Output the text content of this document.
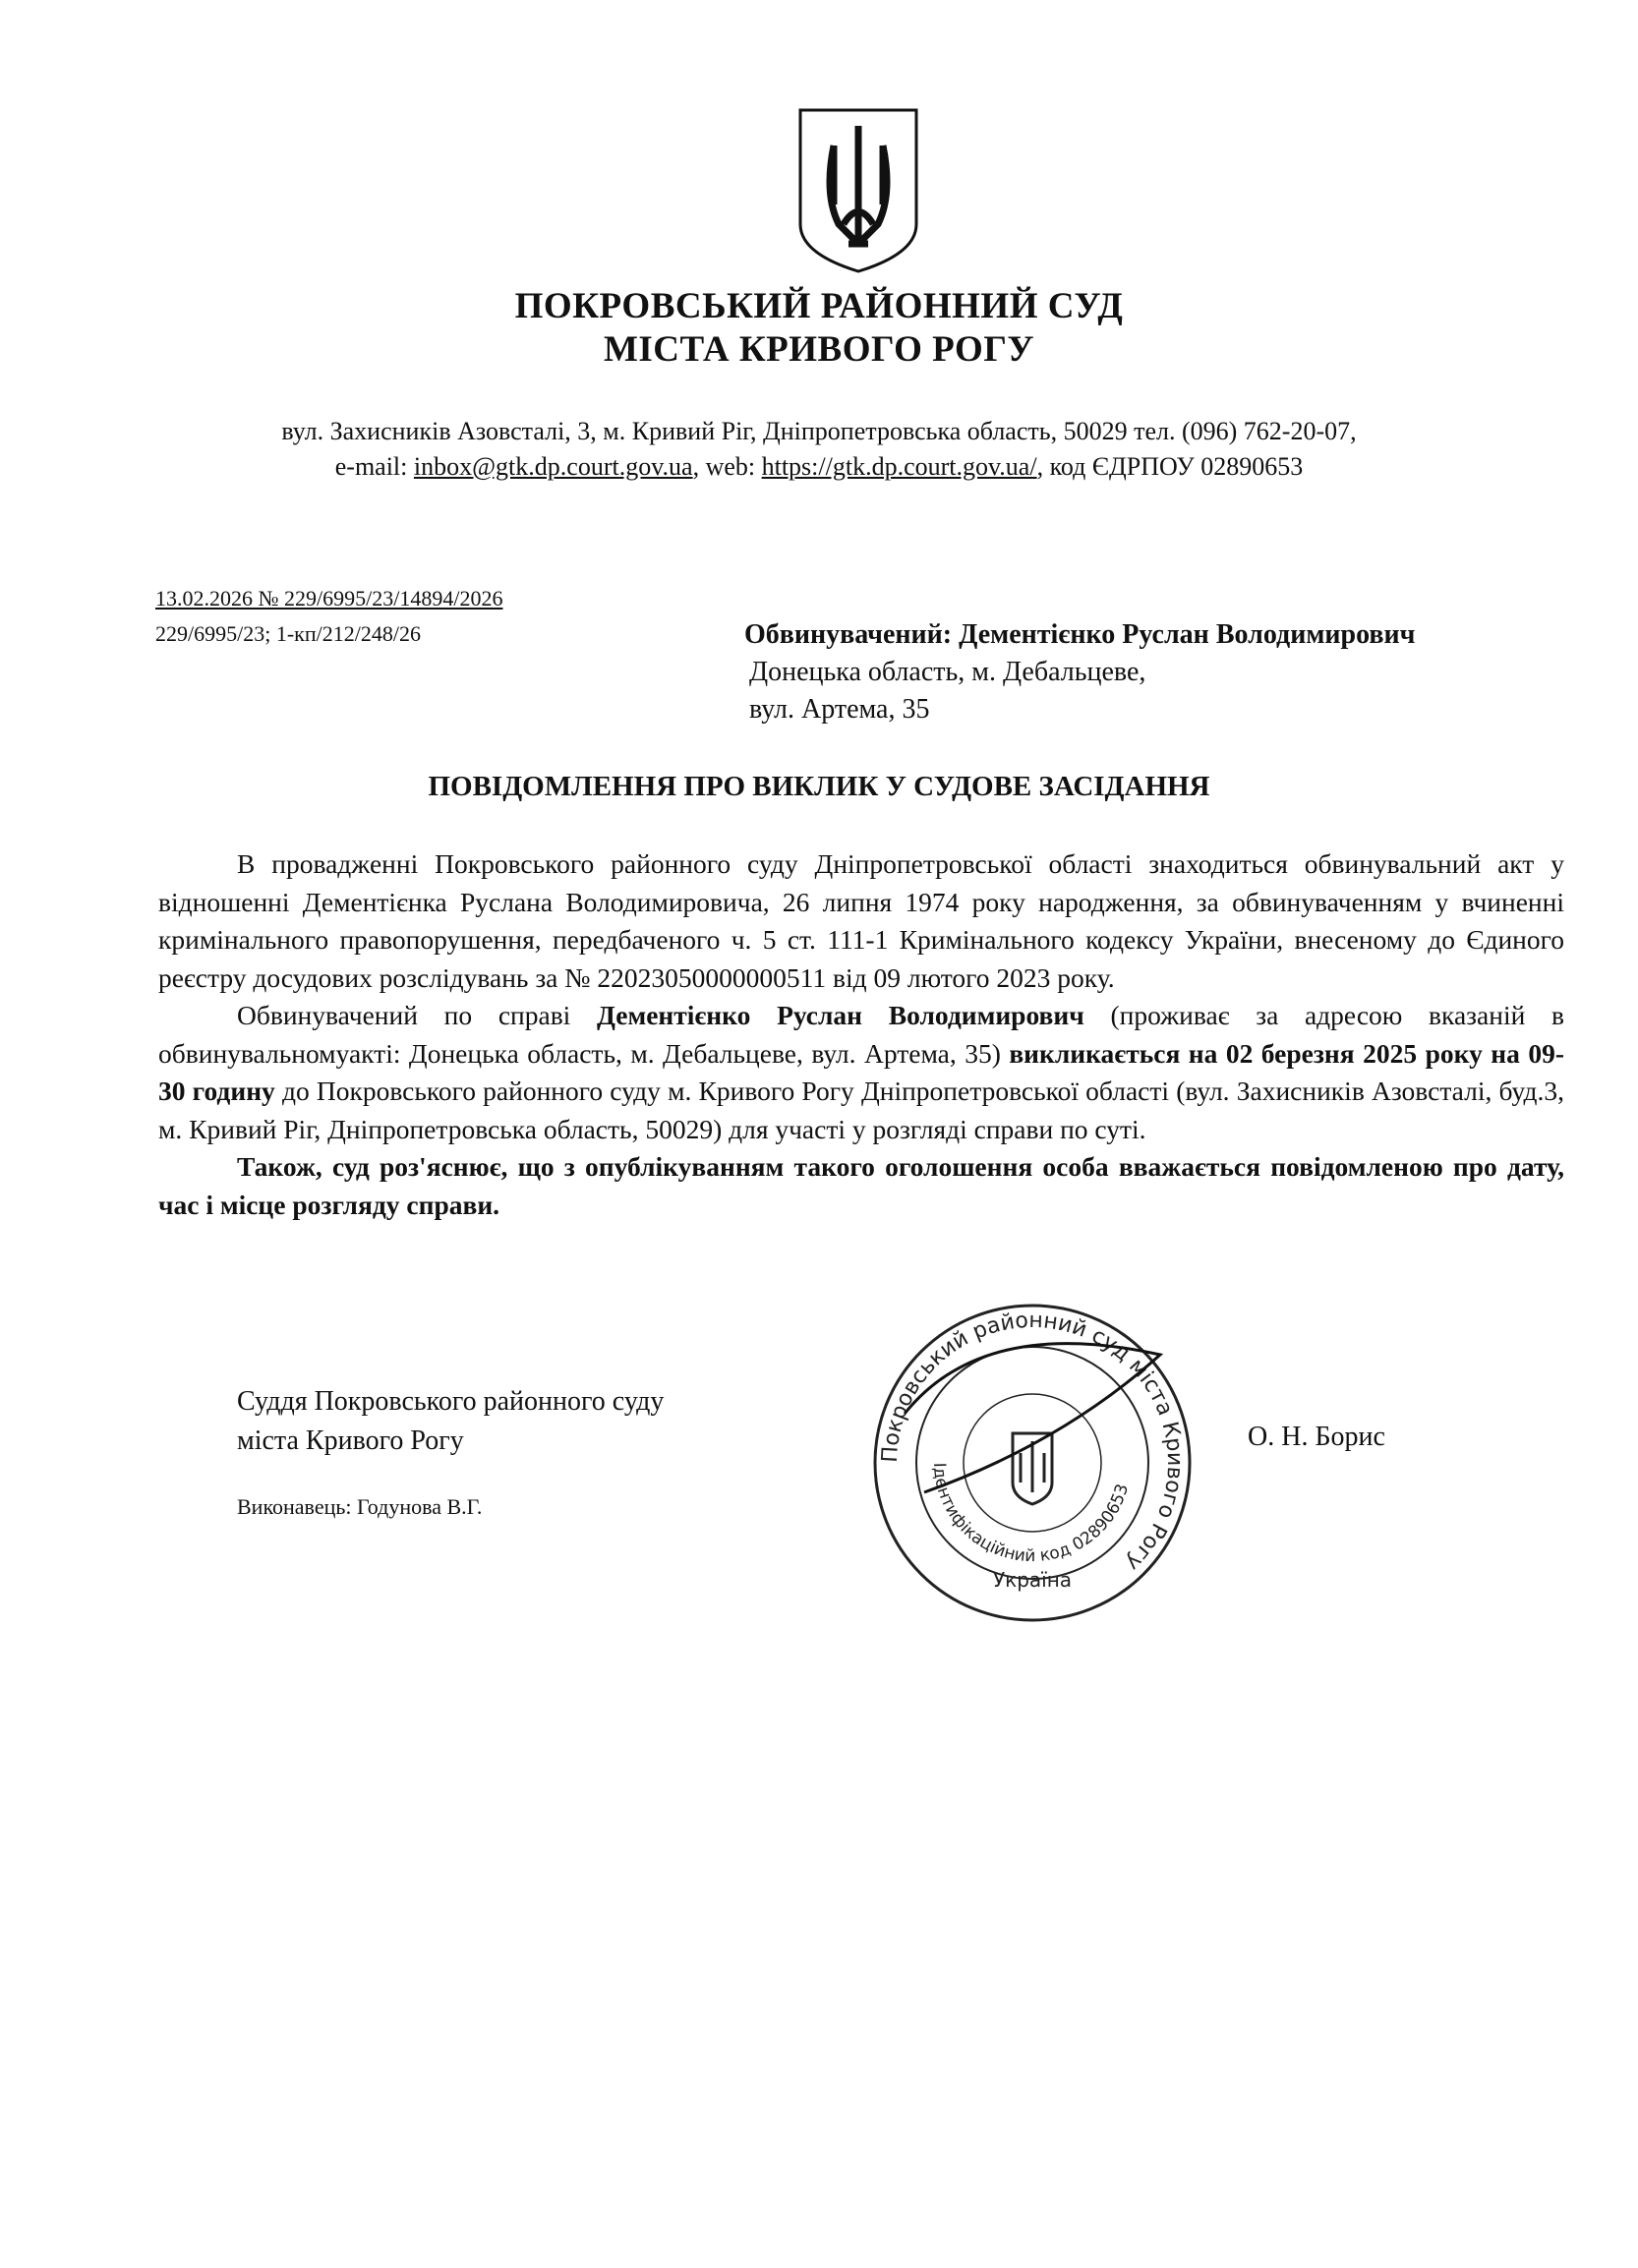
ПОКРОВСЬКИЙ РАЙОННИЙ СУД
МІСТА КРИВОГО РОГУ
вул. Захисників Азовсталі, 3, м. Кривий Ріг, Дніпропетровська область, 50029 тел. (096) 762-20-07,
e-mail: inbox@gtk.dp.court.gov.ua, web: https://gtk.dp.court.gov.ua/, код ЄДРПОУ 02890653
13.02.2026 № 229/6995/23/14894/2026
229/6995/23; 1-кп/212/248/26	Обвинувачений: Дементієнко Руслан Володимирович
Донецька область, м. Дебальцеве,
вул. Артема, 35
ПОВІДОМЛЕННЯ ПРО ВИКЛИК У СУДОВЕ ЗАСІДАННЯ

В провадженні Покровського районного суду Дніпропетровської області знаходиться обвинувальний акт у відношенні Дементієнка Руслана Володимировича, 26 липня 1974 року народження, за обвинуваченням у вчиненні кримінального правопорушення, передбаченого ч. 5 ст. 111-1 Кримінального кодексу України, внесеному до Єдиного реєстру досудових розслідувань за № 22023050000000511 від 09 лютого 2023 року.

Обвинувачений по справі Дементієнко Руслан Володимирович (проживає за адресою вказаній в обвинувальномуакті: Донецька область, м. Дебальцеве, вул. Артема, 35) викликається на 02 березня 2025 року на 09-30 годину до Покровського районного суду м. Кривого Рогу Дніпропетровської області (вул. Захисників Азовсталі, буд.3, м. Кривий Ріг, Дніпропетровська область, 50029) для участі у розгляді справи по суті.

Також, суд роз'яснює, що з опублікуванням такого оголошення особа вважається повідомленою про дату, час і місце розгляду справи.

Суддя Покровського районного суду
міста Кривого Рогу
Виконавець: Годунова В.Г.
О. Н. Борис
Покровський районний суд міста Кривого Рогу
Ідентифікаційний код 02890653
Україна
